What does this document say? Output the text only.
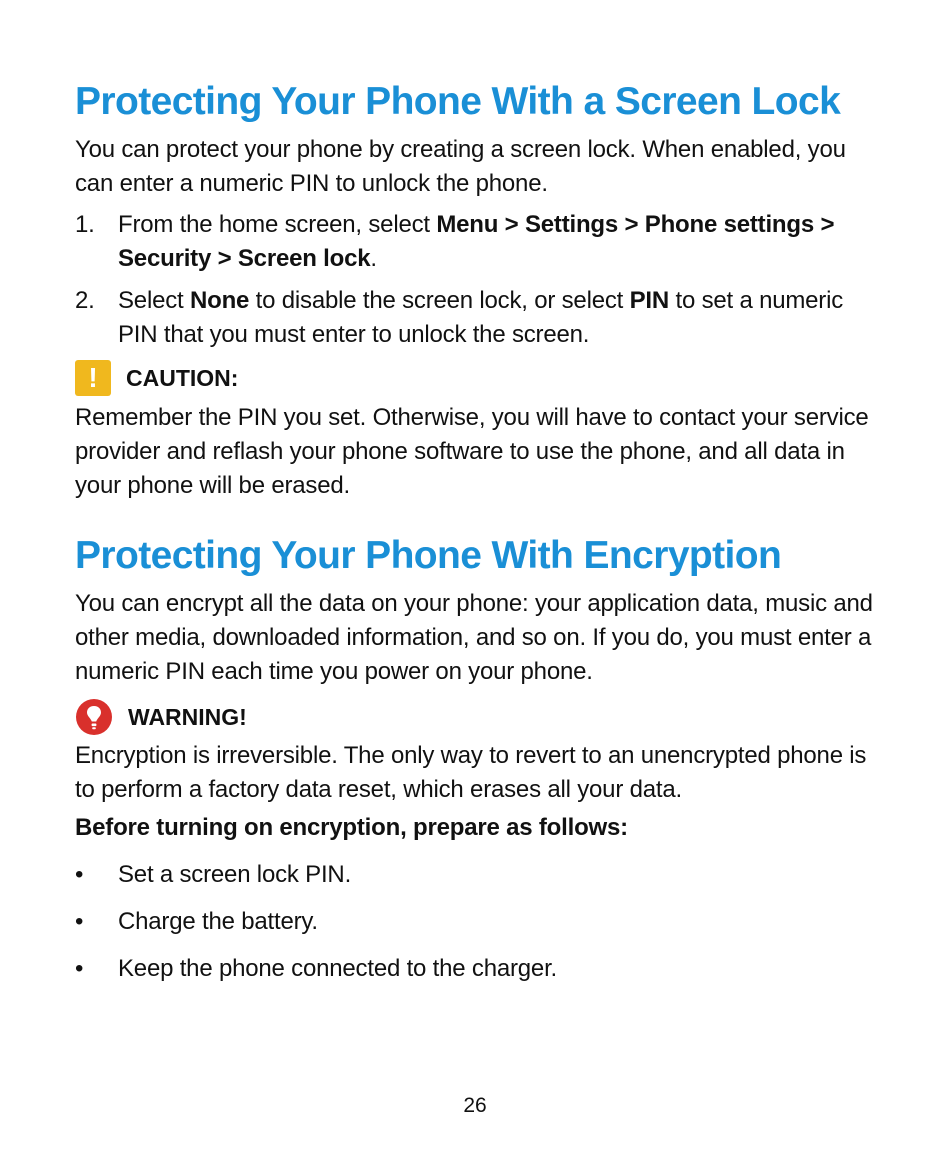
Protecting Your Phone With a Screen Lock

You can protect your phone by creating a screen lock. When enabled, you can enter a numeric PIN to unlock the phone.

1. From the home screen, select Menu > Settings > Phone settings > Security > Screen lock.
2. Select None to disable the screen lock, or select PIN to set a numeric PIN that you must enter to unlock the screen.
!	CAUTION:

Remember the PIN you set. Otherwise, you will have to contact your service provider and reflash your phone software to use the phone, and all data in your phone will be erased.

Protecting Your Phone With Encryption

You can encrypt all the data on your phone: your application data, music and other media, downloaded information, and so on. If you do, you must enter a numeric PIN each time you power on your phone.

WARNING!

Encryption is irreversible. The only way to revert to an unencrypted phone is to perform a factory data reset, which erases all your data.

Before turning on encryption, prepare as follows:

• Set a screen lock PIN.
• Charge the battery.
• Keep the phone connected to the charger.
26
